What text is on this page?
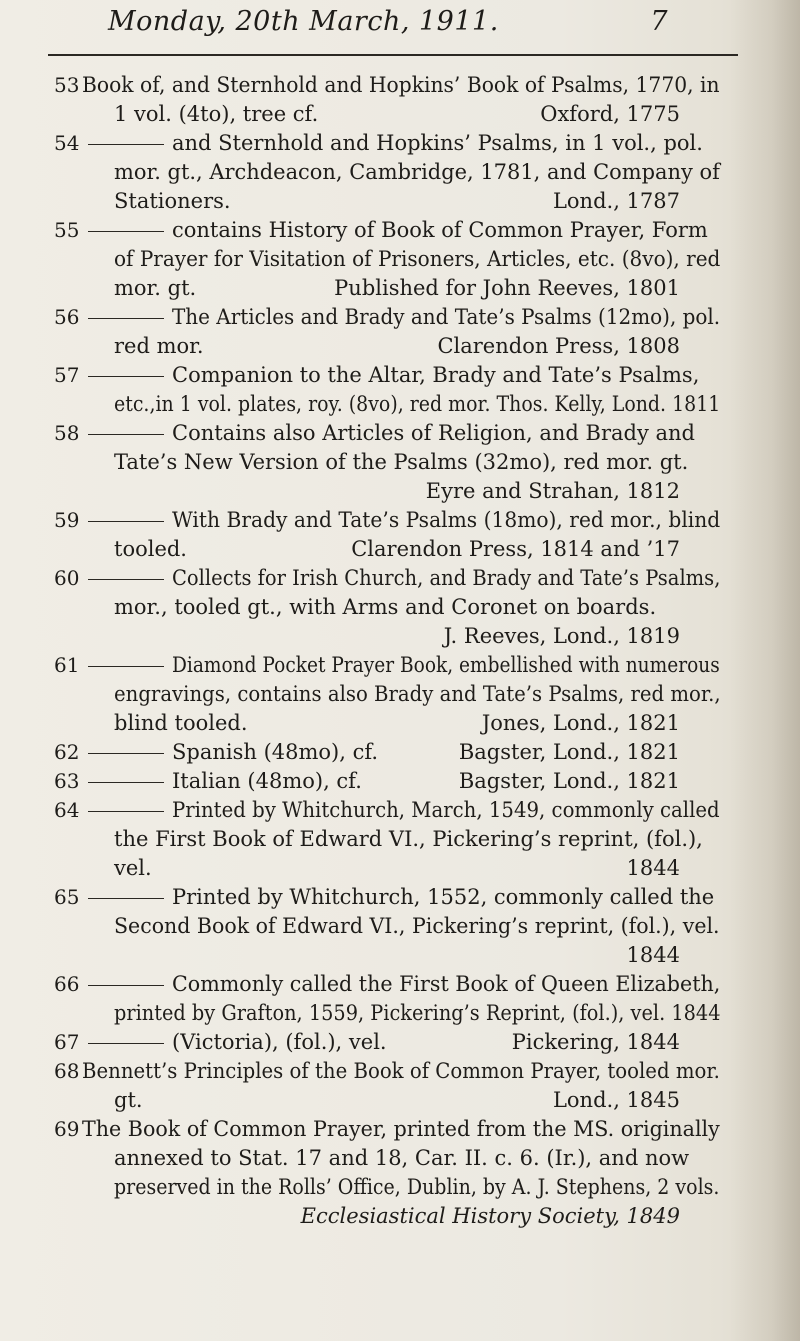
Monday, 20th March, 1911.	7
53 Book of, and Sternhold and Hopkins’ Book of Psalms, 1770, in
1 vol. (4to), tree cf.	Oxford, 1775
54	and Sternhold and Hopkins’ Psalms, in 1 vol., pol.
mor. gt., Archdeacon, Cambridge, 1781, and Company of
Stationers.	Lond., 1787
55	contains History of Book of Common Prayer, Form
of Prayer for Visitation of Prisoners, Articles, etc. (8vo), red
mor. gt.	Published for John Reeves, 1801
56	The Articles and Brady and Tate’s Psalms (12mo), pol.
red mor.	Clarendon Press, 1808
57	Companion to the Altar, Brady and Tate’s Psalms,
etc.,in 1 vol. plates, roy. (8vo), red mor. Thos. Kelly, Lond. 1811
58	Contains also Articles of Religion, and Brady and
Tate’s New Version of the Psalms (32mo), red mor. gt.
Eyre and Strahan, 1812
59	With Brady and Tate’s Psalms (18mo), red mor., blind
tooled.	Clarendon Press, 1814 and ’17
60	Collects for Irish Church, and Brady and Tate’s Psalms,
mor., tooled gt., with Arms and Coronet on boards.
J. Reeves, Lond., 1819
61	Diamond Pocket Prayer Book, embellished with numerous
engravings, contains also Brady and Tate’s Psalms, red mor.,
blind tooled.	Jones, Lond., 1821
62	Spanish (48mo), cf.	Bagster, Lond., 1821
63	Italian (48mo), cf.	Bagster, Lond., 1821
64	Printed by Whitchurch, March, 1549, commonly called
the First Book of Edward VI., Pickering’s reprint, (fol.),
vel.	1844
65	Printed by Whitchurch, 1552, commonly called the
Second Book of Edward VI., Pickering’s reprint, (fol.), vel.
1844
66	Commonly called the First Book of Queen Elizabeth,
printed by Grafton, 1559, Pickering’s Reprint, (fol.), vel. 1844
67	(Victoria), (fol.), vel.	Pickering, 1844
68 Bennett’s Principles of the Book of Common Prayer, tooled mor.
gt.	Lond., 1845
69 The Book of Common Prayer, printed from the MS. originally
annexed to Stat. 17 and 18, Car. II. c. 6. (Ir.), and now
preserved in the Rolls’ Office, Dublin, by A. J. Stephens, 2 vols.
Ecclesiastical History Society, 1849
